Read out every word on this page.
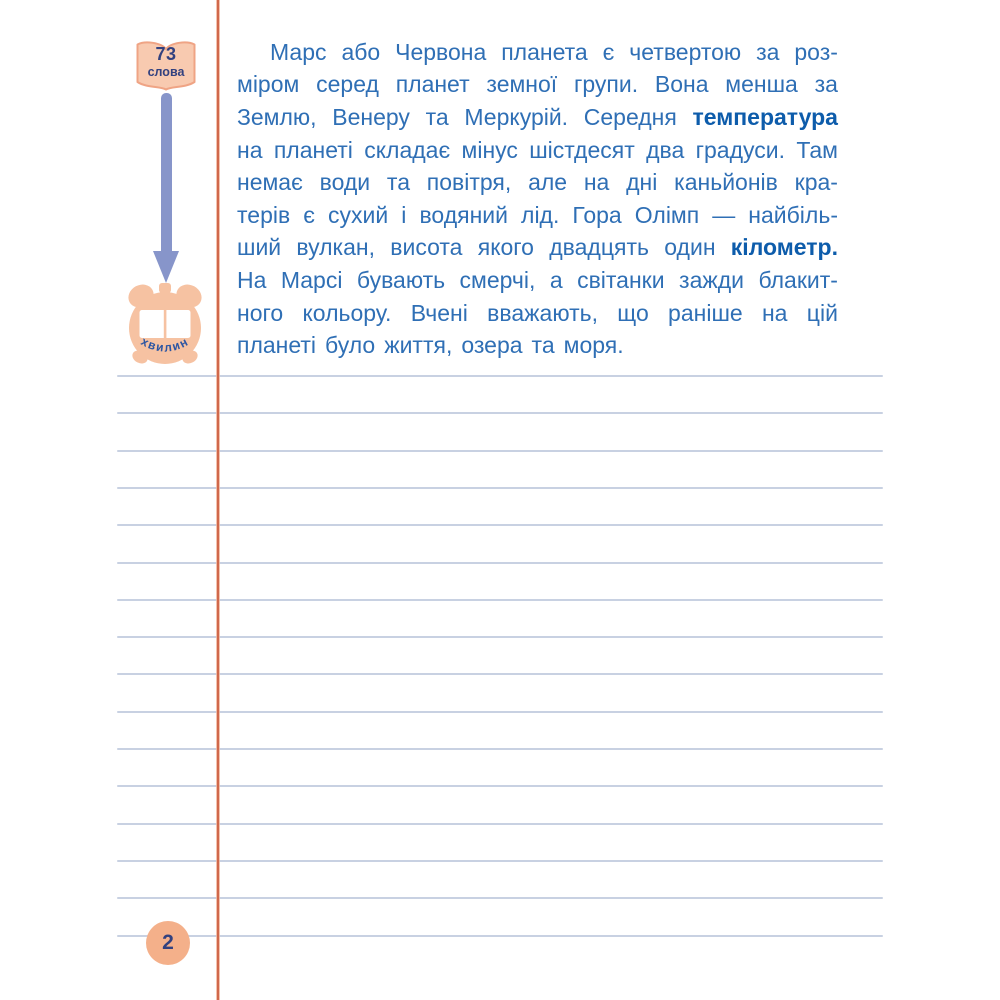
73
слова
хвилин
Марс або Червона планета є четвертою за роз-
міром серед планет земної групи. Вона менша за
Землю, Венеру та Меркурій. Середня температура
на планеті складає мінус шістдесят два градуси. Там
немає води та повітря, але на дні каньйонів кра-
терів є сухий і водяний лід. Гора Олімп — найбіль-
ший вулкан, висота якого двадцять один кілометр.
На Марсі бувають смерчі, а світанки зажди блакит-
ного кольору. Вчені вважають, що раніше на цій
планеті було життя, озера та моря.
2
